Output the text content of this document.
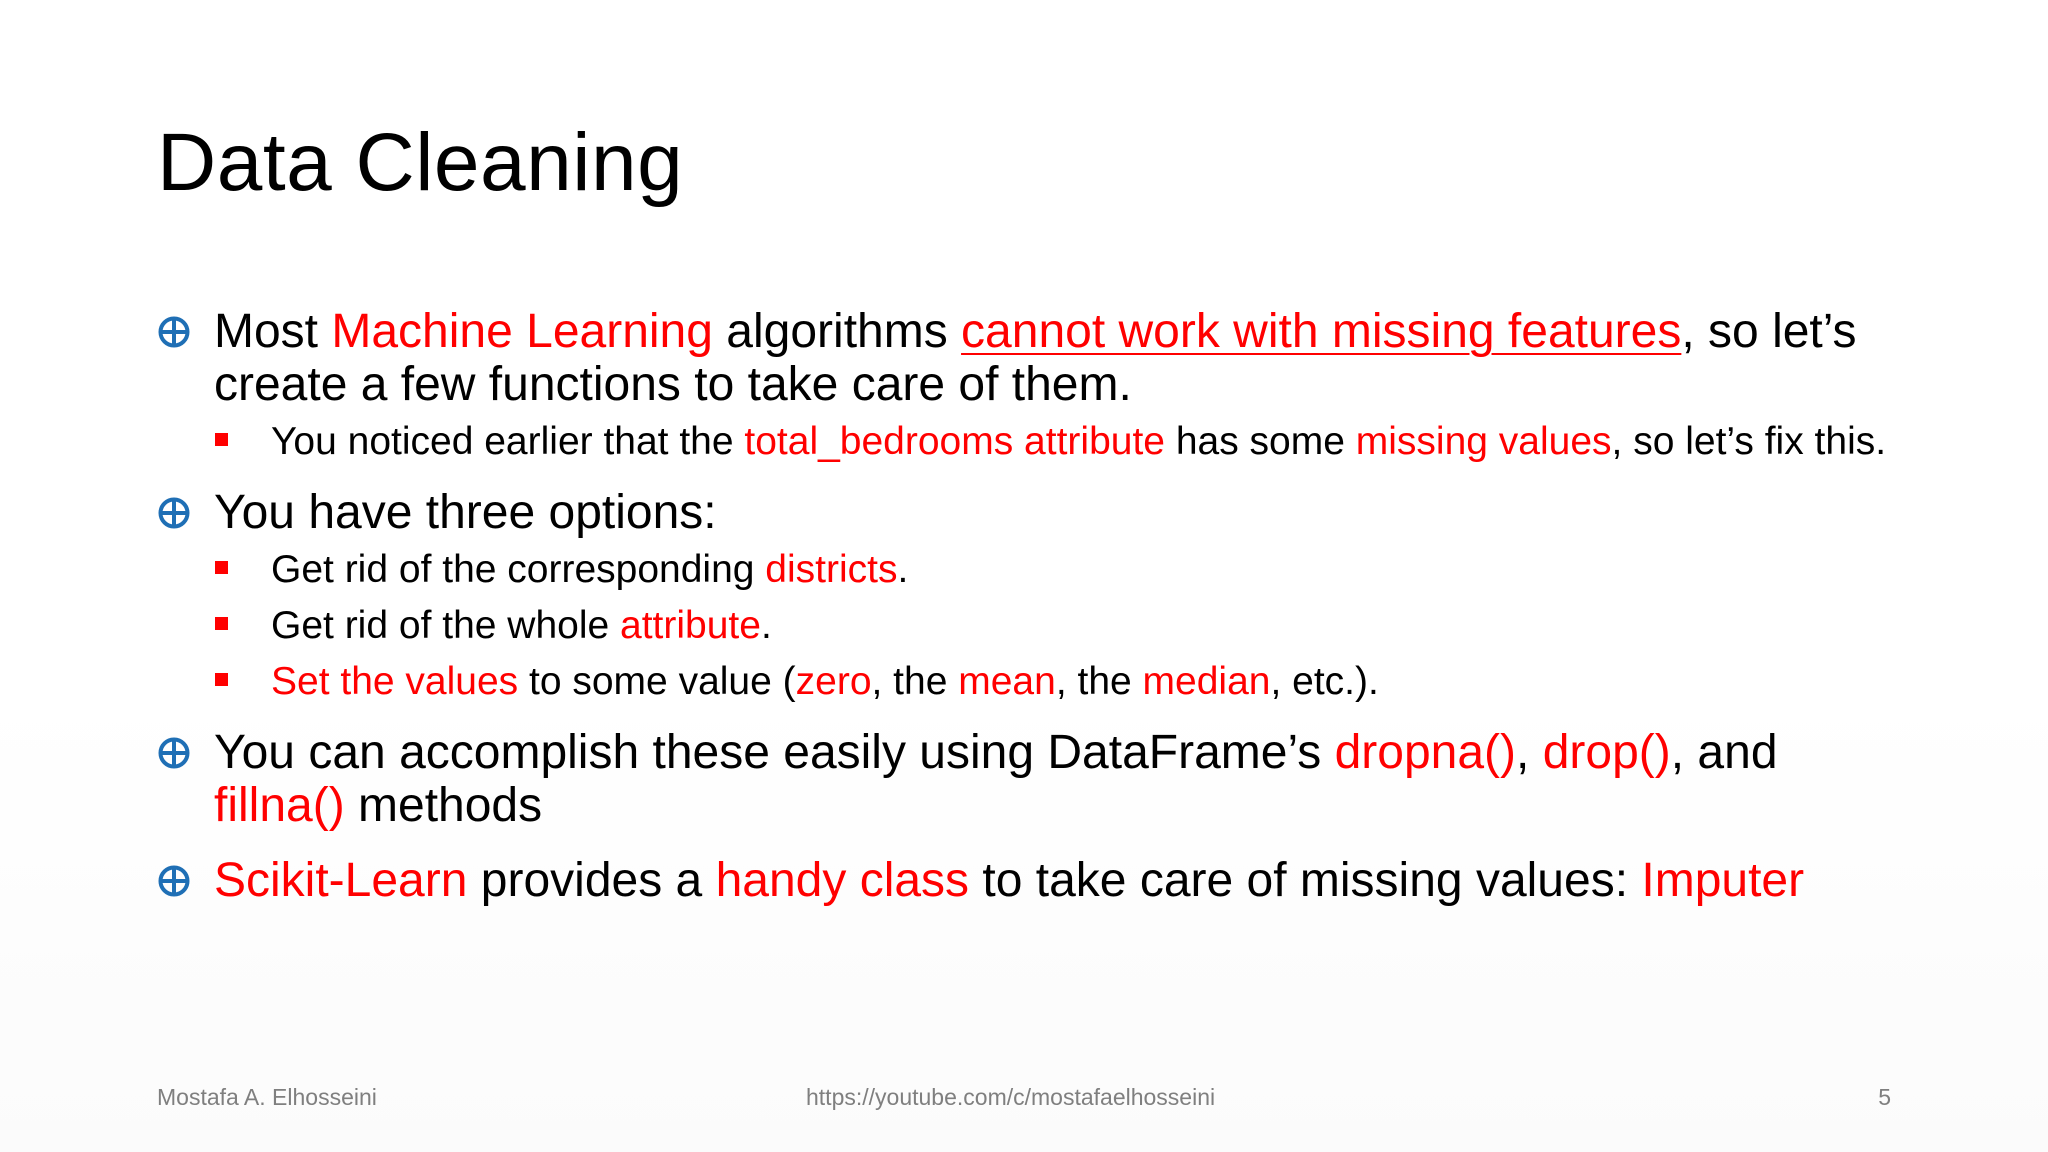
Data Cleaning
Most Machine Learning algorithms cannot work with missing features, so let’s create a few functions to take care of them.
You noticed earlier that the total_bedrooms attribute has some missing values, so let’s fix this.
You have three options:
Get rid of the corresponding districts.
Get rid of the whole attribute.
Set the values to some value (zero, the mean, the median, etc.).
You can accomplish these easily using DataFrame’s dropna(), drop(), and fillna() methods
Scikit-Learn provides a handy class to take care of missing values: Imputer
Mostafa A. Elhosseini	https://youtube.com/c/mostafaelhosseini	5
